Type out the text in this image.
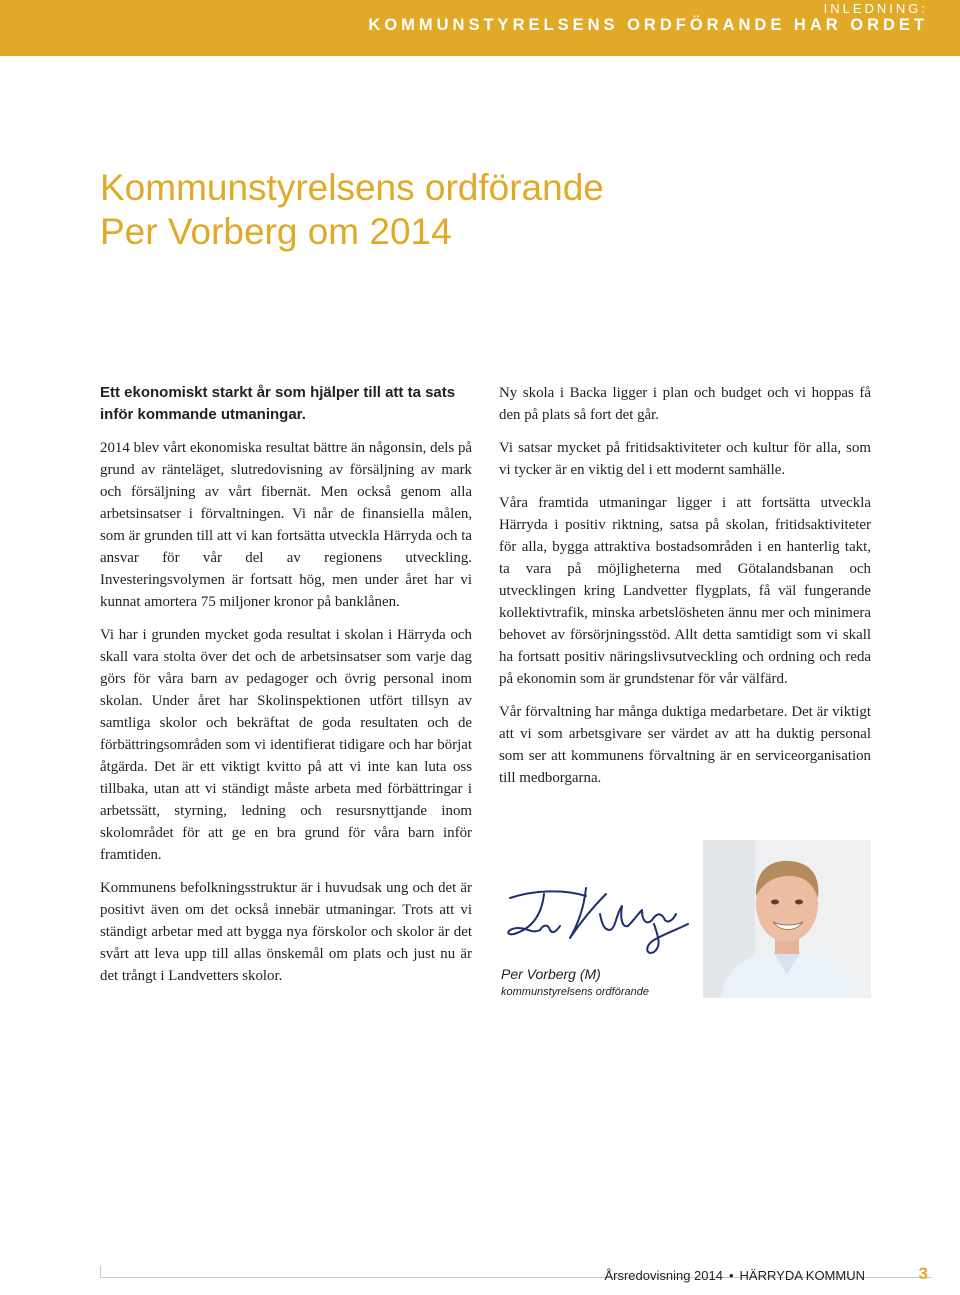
INLEDNING:
KOMMUNSTYRELSENS ORDFÖRANDE HAR ORDET
Kommunstyrelsens ordförande
Per Vorberg om 2014

Ett ekonomiskt starkt år som hjälper till att ta sats inför kommande utmaningar.

2014 blev vårt ekonomiska resultat bättre än någonsin, dels på grund av ränteläget, slutredovisning av försäljning av mark och försäljning av vårt fibernät. Men också genom alla arbetsinsatser i förvaltningen. Vi når de finansiella målen, som är grunden till att vi kan fortsätta utveckla Härryda och ta ansvar för vår del av regionens utveckling. Investeringsvolymen är fortsatt hög, men under året har vi kunnat amortera 75 miljoner kronor på banklånen.

Vi har i grunden mycket goda resultat i skolan i Härryda och skall vara stolta över det och de arbetsinsatser som varje dag görs för våra barn av pedagoger och övrig personal inom skolan. Under året har Skolinspektionen utfört tillsyn av samtliga skolor och bekräftat de goda resultaten och de förbättringsområden som vi identifierat tidigare och har börjat åtgärda. Det är ett viktigt kvitto på att vi inte kan luta oss tillbaka, utan att vi ständigt måste arbeta med förbättringar i arbetssätt, styrning, ledning och resursnyttjande inom skolområdet för att ge en bra grund för våra barn inför framtiden.

Kommunens befolkningsstruktur är i huvudsak ung och det är positivt även om det också innebär utmaningar. Trots att vi ständigt arbetar med att bygga nya förskolor och skolor är det svårt att leva upp till allas önskemål om plats och just nu är det trångt i Landvetters skolor.

Ny skola i Backa ligger i plan och budget och vi hoppas få den på plats så fort det går.

Vi satsar mycket på fritidsaktiviteter och kultur för alla, som vi tycker är en viktig del i ett modernt samhälle.

Våra framtida utmaningar ligger i att fortsätta utveckla Härryda i positiv riktning, satsa på skolan, fritidsaktiviteter för alla, bygga attraktiva bostadsområden i en hanterlig takt, ta vara på möjligheterna med Götalandsbanan och utvecklingen kring Landvetter flygplats, få väl fungerande kollektivtrafik, minska arbetslösheten ännu mer och minimera behovet av försörjningsstöd. Allt detta samtidigt som vi skall ha fortsatt positiv näringslivsutveckling och ordning och reda på ekonomin som är grundstenar för vår välfärd.

Vår förvaltning har många duktiga medarbetare. Det är viktigt att vi som arbetsgivare ser värdet av att ha duktig personal som ser att kommunens förvaltning är en serviceorganisation till medborgarna.

Per Vorberg (M)
kommunstyrelsens ordförande
Årsredovisning 2014 • HÄRRYDA KOMMUN	3
